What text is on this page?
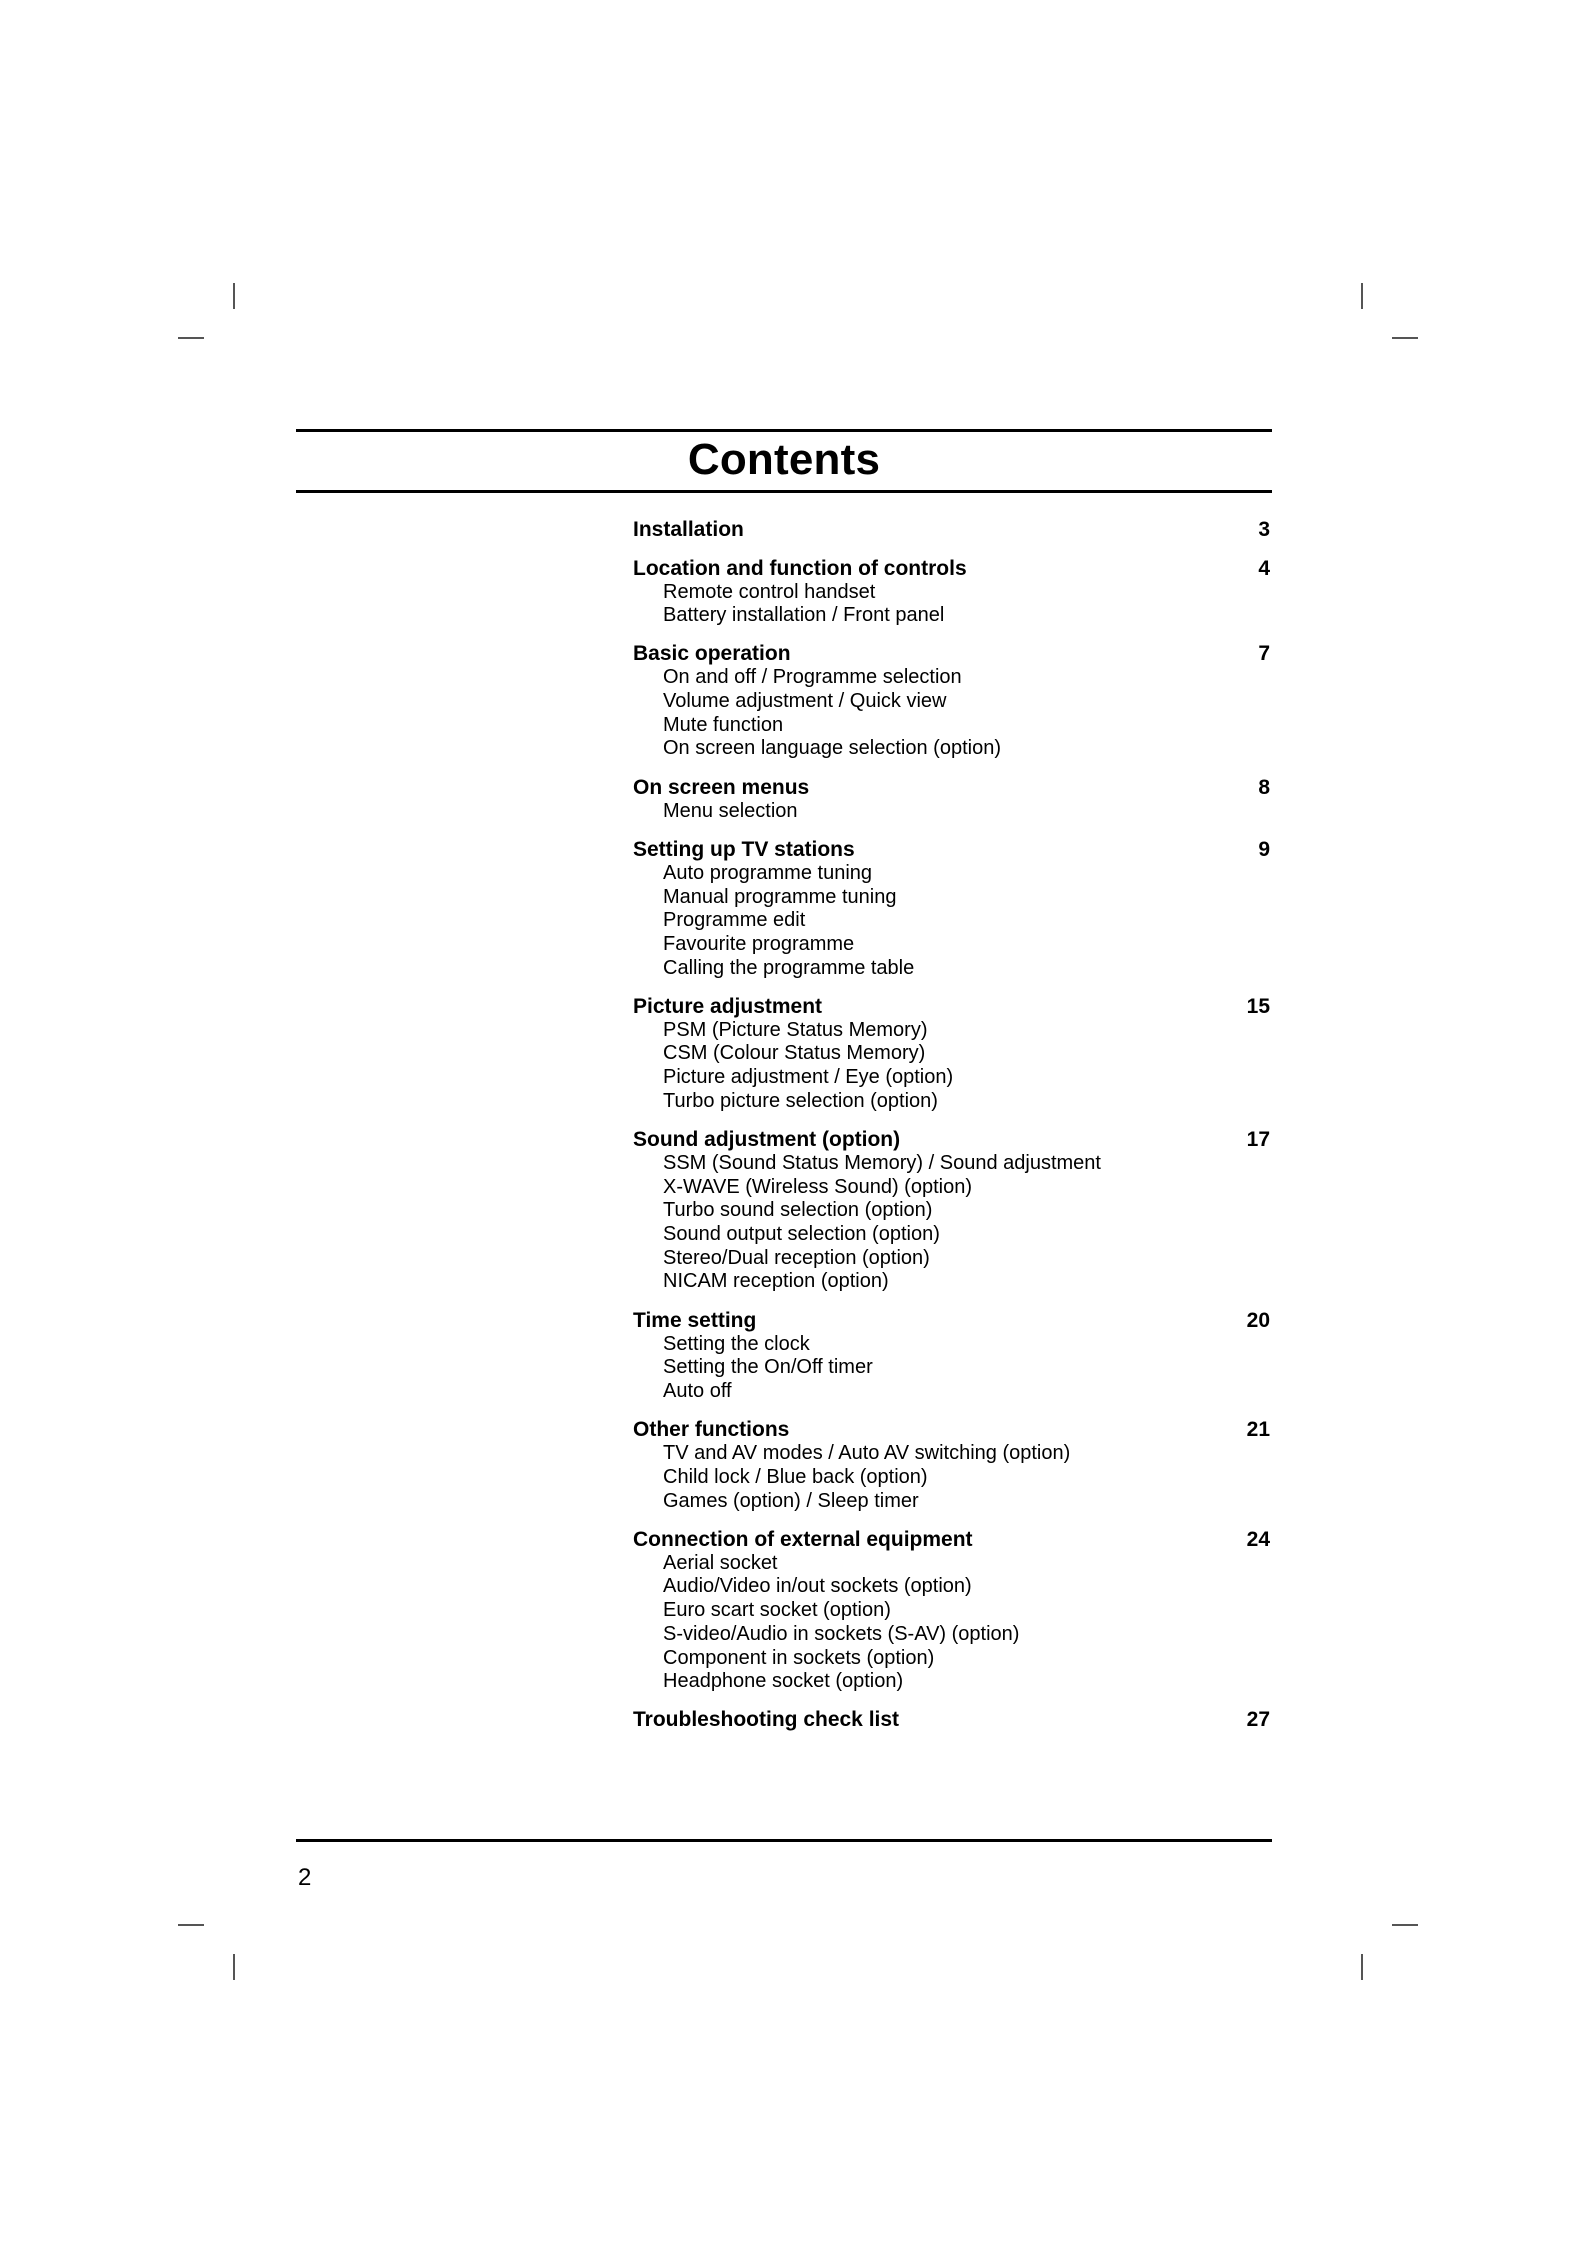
Contents
Installation	3
Location and function of controls	4
Remote control handset
Battery installation / Front panel
Basic operation	7
On and off / Programme selection
Volume adjustment / Quick view
Mute function
On screen language selection (option)
On screen menus	8
Menu selection
Setting up TV stations	9
Auto programme tuning
Manual programme tuning
Programme edit
Favourite programme
Calling the programme table
Picture adjustment	15
PSM (Picture Status Memory)
CSM (Colour Status Memory)
Picture adjustment / Eye (option)
Turbo picture selection (option)
Sound adjustment (option)	17
SSM (Sound Status Memory) / Sound adjustment
X-WAVE (Wireless Sound) (option)
Turbo sound selection (option)
Sound output selection (option)
Stereo/Dual reception (option)
NICAM reception (option)
Time setting	20
Setting the clock
Setting the On/Off timer
Auto off
Other functions	21
TV and AV modes / Auto AV switching (option)
Child lock / Blue back (option)
Games (option) / Sleep timer
Connection of external equipment	24
Aerial socket
Audio/Video in/out sockets (option)
Euro scart socket (option)
S-video/Audio in sockets (S-AV) (option)
Component in sockets (option)
Headphone socket (option)
Troubleshooting check list	27
2
